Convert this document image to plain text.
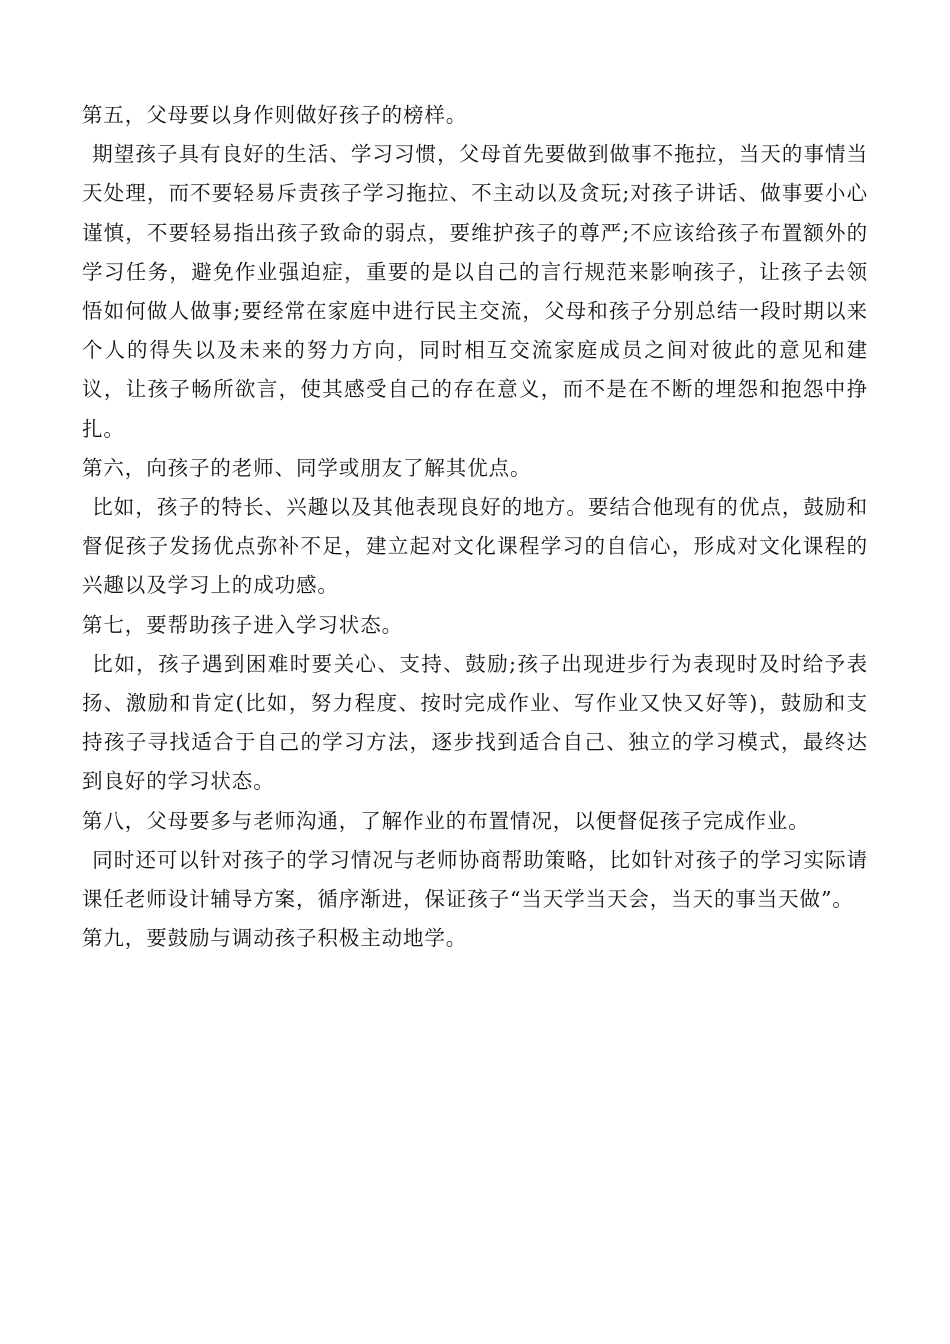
第五，父母要以身作则做好孩子的榜样。

期望孩子具有良好的生活、学习习惯，父母首先要做到做事不拖拉，当天的事情当天处理，而不要轻易斥责孩子学习拖拉、不主动以及贪玩;对孩子讲话、做事要小心谨慎，不要轻易指出孩子致命的弱点，要维护孩子的尊严;不应该给孩子布置额外的学习任务，避免作业强迫症，重要的是以自己的言行规范来影响孩子，让孩子去领悟如何做人做事;要经常在家庭中进行民主交流，父母和孩子分别总结一段时期以来个人的得失以及未来的努力方向，同时相互交流家庭成员之间对彼此的意见和建议，让孩子畅所欲言，使其感受自己的存在意义，而不是在不断的埋怨和抱怨中挣扎。

第六，向孩子的老师、同学或朋友了解其优点。

比如，孩子的特长、兴趣以及其他表现良好的地方。要结合他现有的优点，鼓励和督促孩子发扬优点弥补不足，建立起对文化课程学习的自信心，形成对文化课程的兴趣以及学习上的成功感。

第七，要帮助孩子进入学习状态。

比如，孩子遇到困难时要关心、支持、鼓励;孩子出现进步行为表现时及时给予表扬、激励和肯定(比如，努力程度、按时完成作业、写作业又快又好等)，鼓励和支持孩子寻找适合于自己的学习方法，逐步找到适合自己、独立的学习模式，最终达到良好的学习状态。

第八，父母要多与老师沟通，了解作业的布置情况，以便督促孩子完成作业。

同时还可以针对孩子的学习情况与老师协商帮助策略，比如针对孩子的学习实际请课任老师设计辅导方案，循序渐进，保证孩子“当天学当天会，当天的事当天做”。

第九，要鼓励与调动孩子积极主动地学。
